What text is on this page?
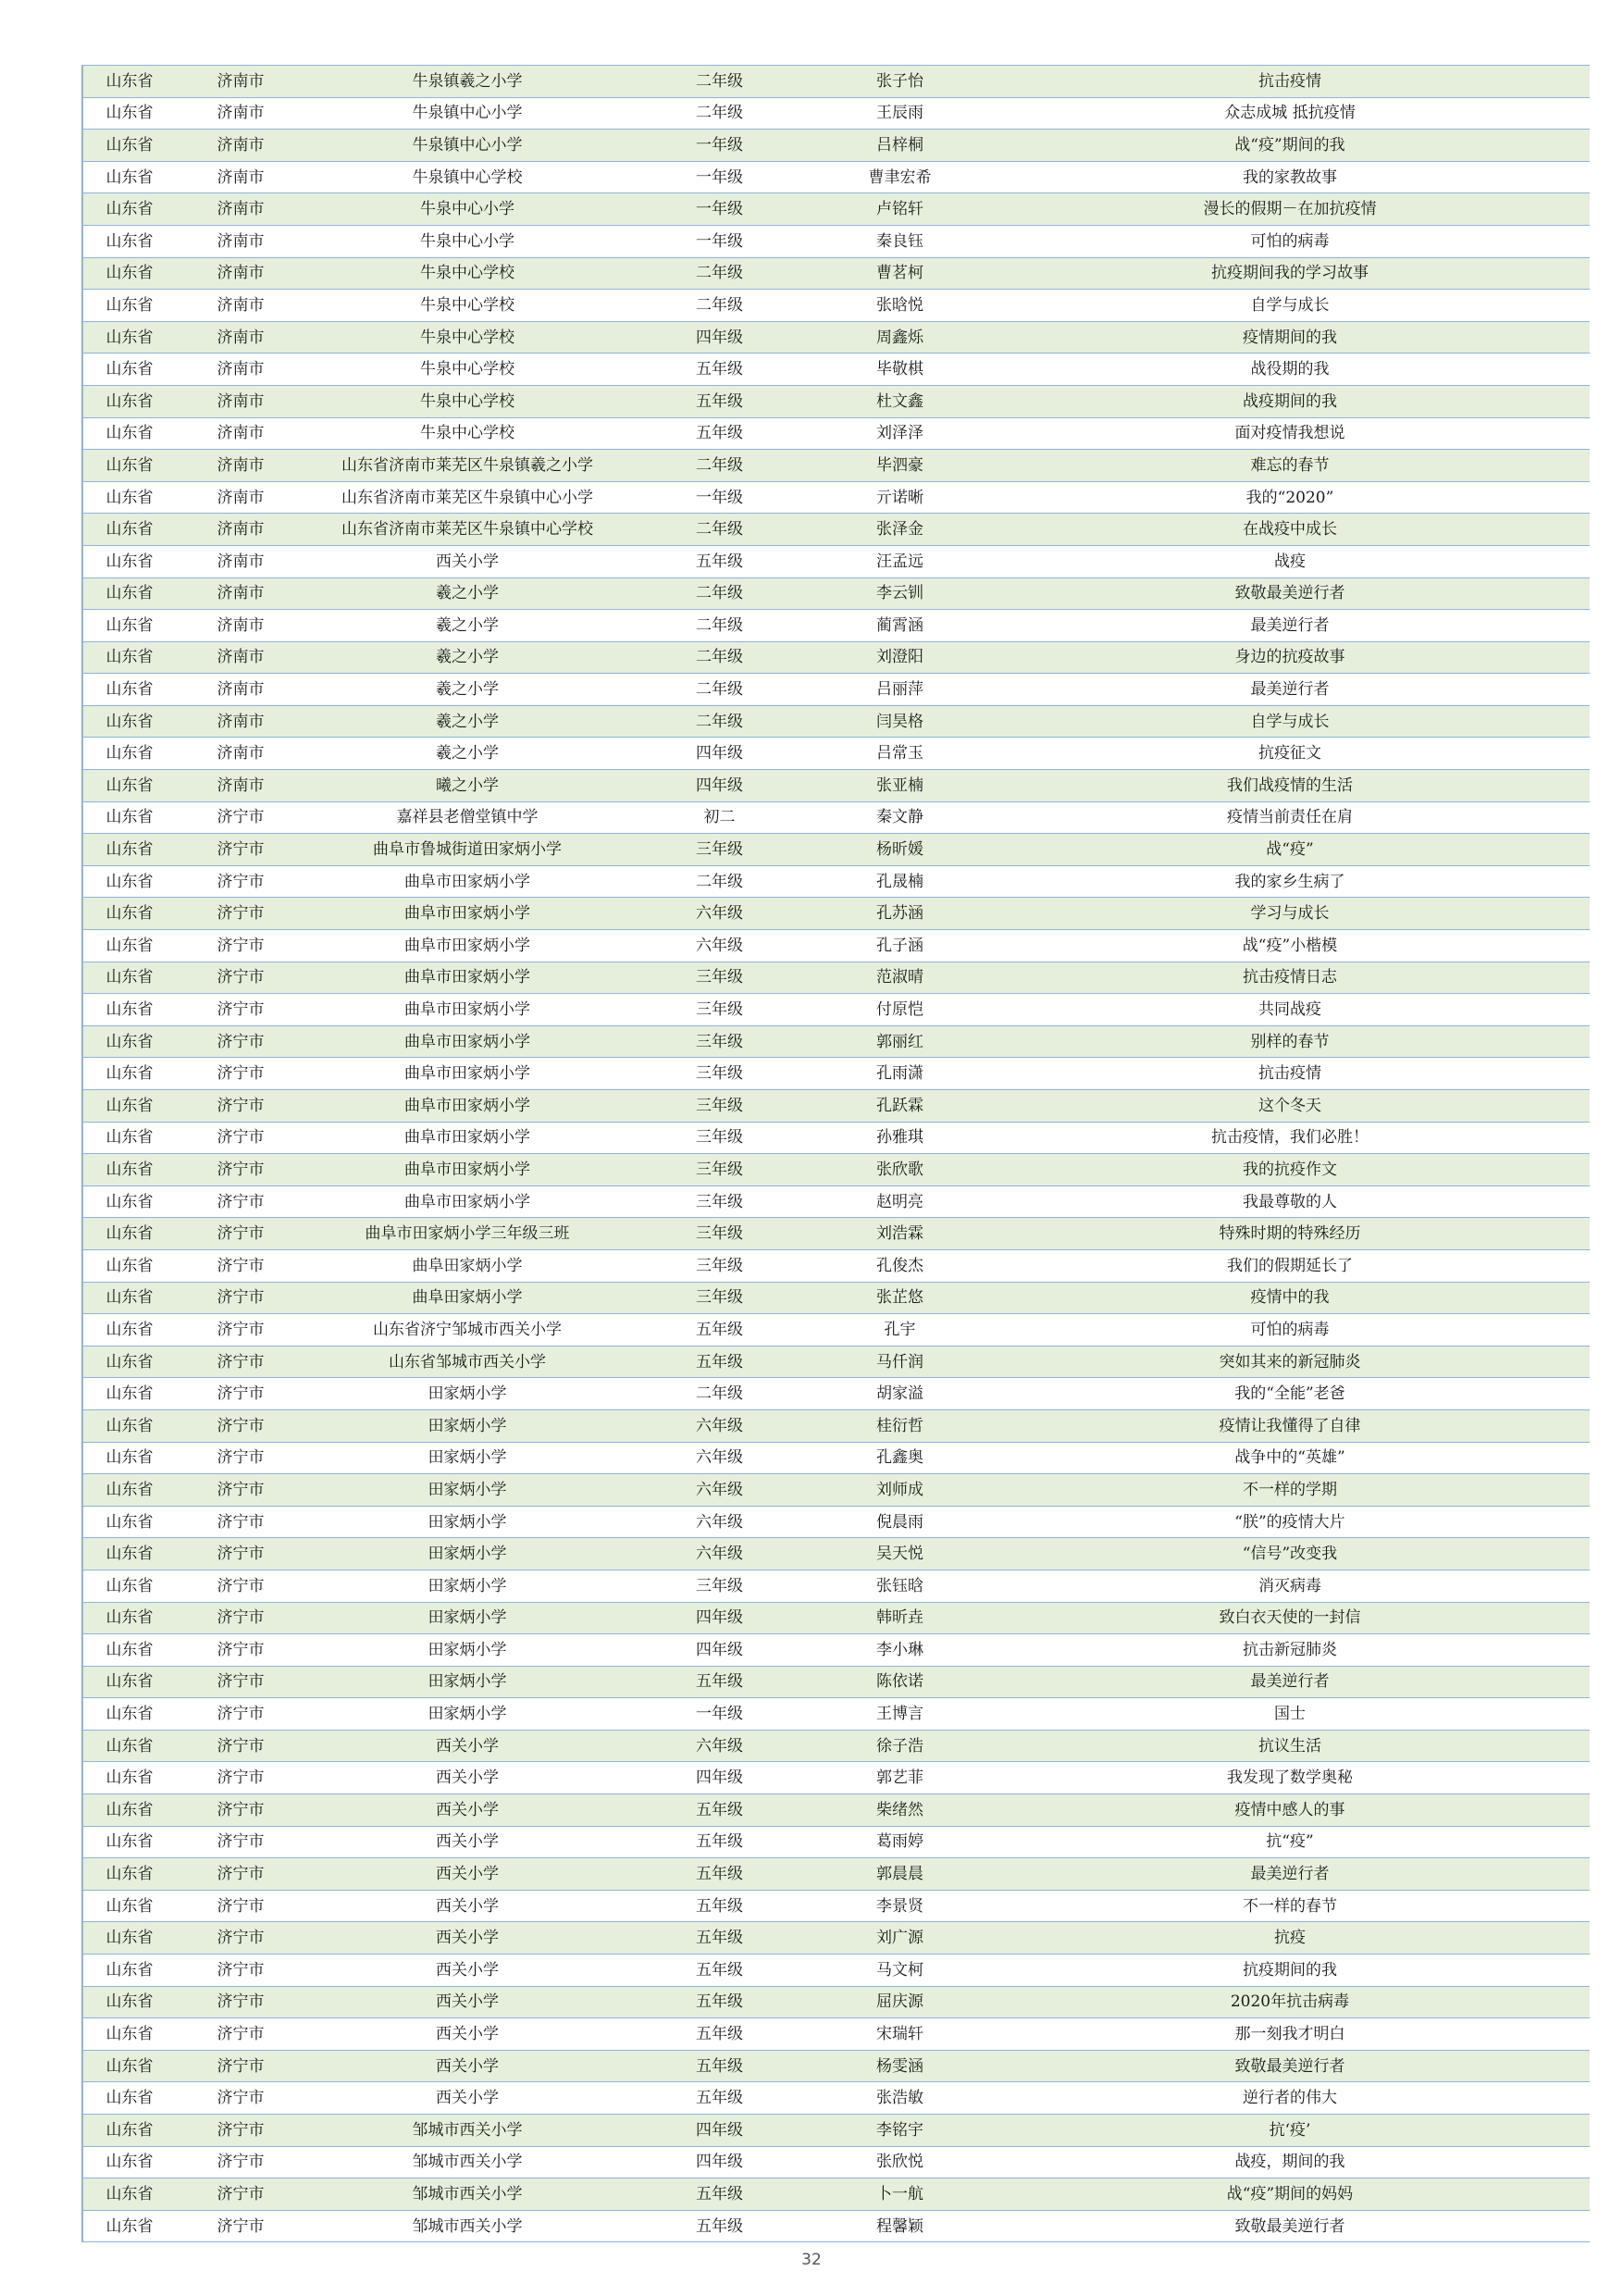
山东省	济南市	牛泉镇羲之小学	二年级	张子怡	抗击疫情
山东省	济南市	牛泉镇中心小学	二年级	王辰雨	众志成城 抵抗疫情
山东省	济南市	牛泉镇中心小学	一年级	吕梓桐	战“疫”期间的我
山东省	济南市	牛泉镇中心学校	一年级	曹聿宏希	我的家教故事
山东省	济南市	牛泉中心小学	一年级	卢铭轩	漫长的假期－在加抗疫情
山东省	济南市	牛泉中心小学	一年级	秦良钰	可怕的病毒
山东省	济南市	牛泉中心学校	二年级	曹茗柯	抗疫期间我的学习故事
山东省	济南市	牛泉中心学校	二年级	张晗悦	自学与成长
山东省	济南市	牛泉中心学校	四年级	周鑫烁	疫情期间的我
山东省	济南市	牛泉中心学校	五年级	毕敬棋	战役期的我
山东省	济南市	牛泉中心学校	五年级	杜文鑫	战疫期间的我
山东省	济南市	牛泉中心学校	五年级	刘泽泽	面对疫情我想说
山东省	济南市	山东省济南市莱芜区牛泉镇羲之小学	二年级	毕泗豪	难忘的春节
山东省	济南市	山东省济南市莱芜区牛泉镇中心小学	一年级	亓诺晰	我的“2020”
山东省	济南市	山东省济南市莱芜区牛泉镇中心学校	二年级	张泽金	在战疫中成长
山东省	济南市	西关小学	五年级	汪孟远	战疫
山东省	济南市	羲之小学	二年级	李云钏	致敬最美逆行者
山东省	济南市	羲之小学	二年级	蔺霄涵	最美逆行者
山东省	济南市	羲之小学	二年级	刘澄阳	身边的抗疫故事
山东省	济南市	羲之小学	二年级	吕丽萍	最美逆行者
山东省	济南市	羲之小学	二年级	闫昊格	自学与成长
山东省	济南市	羲之小学	四年级	吕常玉	抗疫征文
山东省	济南市	曦之小学	四年级	张亚楠	我们战疫情的生活
山东省	济宁市	嘉祥县老僧堂镇中学	初二	秦文静	疫情当前责任在肩
山东省	济宁市	曲阜市鲁城街道田家炳小学	三年级	杨昕媛	战“疫”
山东省	济宁市	曲阜市田家炳小学	二年级	孔晟楠	我的家乡生病了
山东省	济宁市	曲阜市田家炳小学	六年级	孔苏涵	学习与成长
山东省	济宁市	曲阜市田家炳小学	六年级	孔子涵	战“疫”小楷模
山东省	济宁市	曲阜市田家炳小学	三年级	范淑晴	抗击疫情日志
山东省	济宁市	曲阜市田家炳小学	三年级	付原恺	共同战疫
山东省	济宁市	曲阜市田家炳小学	三年级	郭丽红	别样的春节
山东省	济宁市	曲阜市田家炳小学	三年级	孔雨潇	抗击疫情
山东省	济宁市	曲阜市田家炳小学	三年级	孔跃霖	这个冬天
山东省	济宁市	曲阜市田家炳小学	三年级	孙雅琪	抗击疫情，我们必胜！
山东省	济宁市	曲阜市田家炳小学	三年级	张欣歌	我的抗疫作文
山东省	济宁市	曲阜市田家炳小学	三年级	赵明亮	我最尊敬的人
山东省	济宁市	曲阜市田家炳小学三年级三班	三年级	刘浩霖	特殊时期的特殊经历
山东省	济宁市	曲阜田家炳小学	三年级	孔俊杰	我们的假期延长了
山东省	济宁市	曲阜田家炳小学	三年级	张芷悠	疫情中的我
山东省	济宁市	山东省济宁邹城市西关小学	五年级	孔宇	可怕的病毒
山东省	济宁市	山东省邹城市西关小学	五年级	马仟润	突如其来的新冠肺炎
山东省	济宁市	田家炳小学	二年级	胡家溢	我的“全能”老爸
山东省	济宁市	田家炳小学	六年级	桂衍哲	疫情让我懂得了自律
山东省	济宁市	田家炳小学	六年级	孔鑫奥	战争中的“英雄”
山东省	济宁市	田家炳小学	六年级	刘师成	不一样的学期
山东省	济宁市	田家炳小学	六年级	倪晨雨	“朕”的疫情大片
山东省	济宁市	田家炳小学	六年级	吴天悦	“信号”改变我
山东省	济宁市	田家炳小学	三年级	张钰晗	消灭病毒
山东省	济宁市	田家炳小学	四年级	韩昕垚	致白衣天使的一封信
山东省	济宁市	田家炳小学	四年级	李小琳	抗击新冠肺炎
山东省	济宁市	田家炳小学	五年级	陈依诺	最美逆行者
山东省	济宁市	田家炳小学	一年级	王博言	国士
山东省	济宁市	西关小学	六年级	徐子浩	抗议生活
山东省	济宁市	西关小学	四年级	郭艺菲	我发现了数学奥秘
山东省	济宁市	西关小学	五年级	柴绪然	疫情中感人的事
山东省	济宁市	西关小学	五年级	葛雨婷	抗“疫”
山东省	济宁市	西关小学	五年级	郭晨晨	最美逆行者
山东省	济宁市	西关小学	五年级	李景贤	不一样的春节
山东省	济宁市	西关小学	五年级	刘广源	抗疫
山东省	济宁市	西关小学	五年级	马文柯	抗疫期间的我
山东省	济宁市	西关小学	五年级	屈庆源	2020年抗击病毒
山东省	济宁市	西关小学	五年级	宋瑞轩	那一刻我才明白
山东省	济宁市	西关小学	五年级	杨雯涵	致敬最美逆行者
山东省	济宁市	西关小学	五年级	张浩敏	逆行者的伟大
山东省	济宁市	邹城市西关小学	四年级	李铭宇	抗‘疫’
山东省	济宁市	邹城市西关小学	四年级	张欣悦	战疫，期间的我
山东省	济宁市	邹城市西关小学	五年级	卜一航	战“疫”期间的妈妈
山东省	济宁市	邹城市西关小学	五年级	程馨颖	致敬最美逆行者
32
